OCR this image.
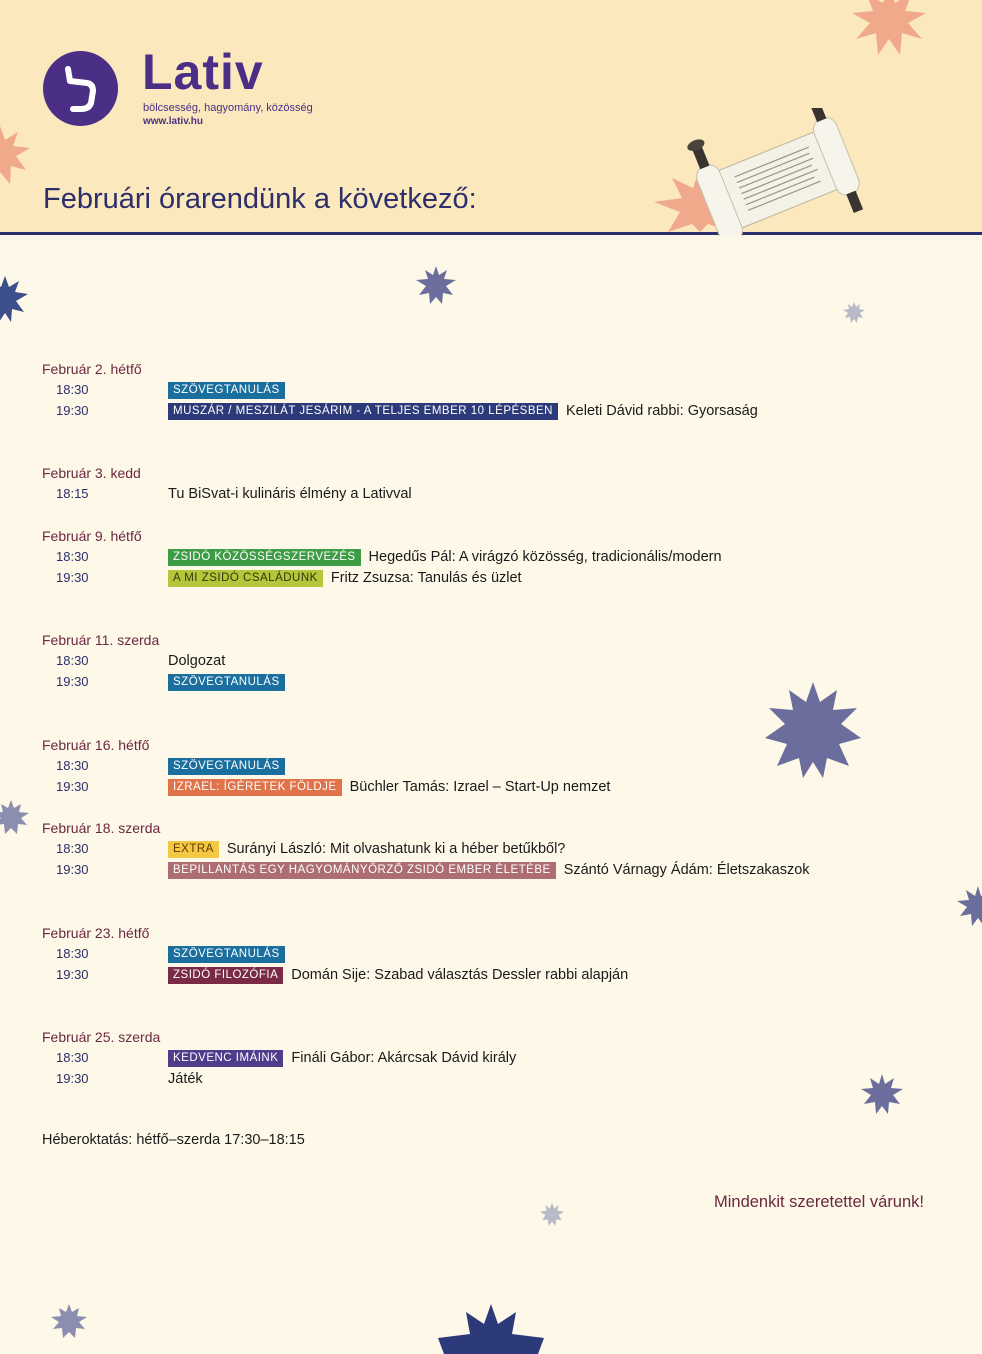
Lativ
bölcsesség, hagyomány, közösség
www.lativ.hu
Februári órarendünk a következő:
Február 2. hétfő
18:30	SZÖVEGTANULÁS
19:30	MUSZÁR / MESZILÁT JESÁRIM - A TELJES EMBER 10 LÉPÉSBEN Keleti Dávid rabbi: Gyorsaság
Február 3. kedd
18:15	Tu BiSvat-i kulináris élmény a Lativval
Február 9. hétfő
18:30	ZSIDÓ KÖZÖSSÉGSZERVEZÉS Hegedűs Pál: A virágzó közösség, tradicionális/modern
19:30	A MI ZSIDÓ CSALÁDUNK Fritz Zsuzsa: Tanulás és üzlet
Február 11. szerda
18:30	Dolgozat
19:30	SZÖVEGTANULÁS
Február 16. hétfő
18:30	SZÖVEGTANULÁS
19:30	IZRAEL: ÍGÉRETEK FÖLDJE Büchler Tamás: Izrael – Start-Up nemzet
Február 18. szerda
18:30	EXTRA Surányi László: Mit olvashatunk ki a héber betűkből?
19:30	BEPILLANTÁS EGY HAGYOMÁNYŐRZŐ ZSIDÓ EMBER ÉLETÉBE Szántó Várnagy Ádám: Életszakaszok
Február 23. hétfő
18:30	SZÖVEGTANULÁS
19:30	ZSIDÓ FILOZÓFIA Domán Sije: Szabad választás Dessler rabbi alapján
Február 25. szerda
18:30	KEDVENC IMÁINK Fináli Gábor: Akárcsak Dávid király
19:30	Játék
Héberoktatás: hétfő–szerda 17:30–18:15
Mindenkit szeretettel várunk!
